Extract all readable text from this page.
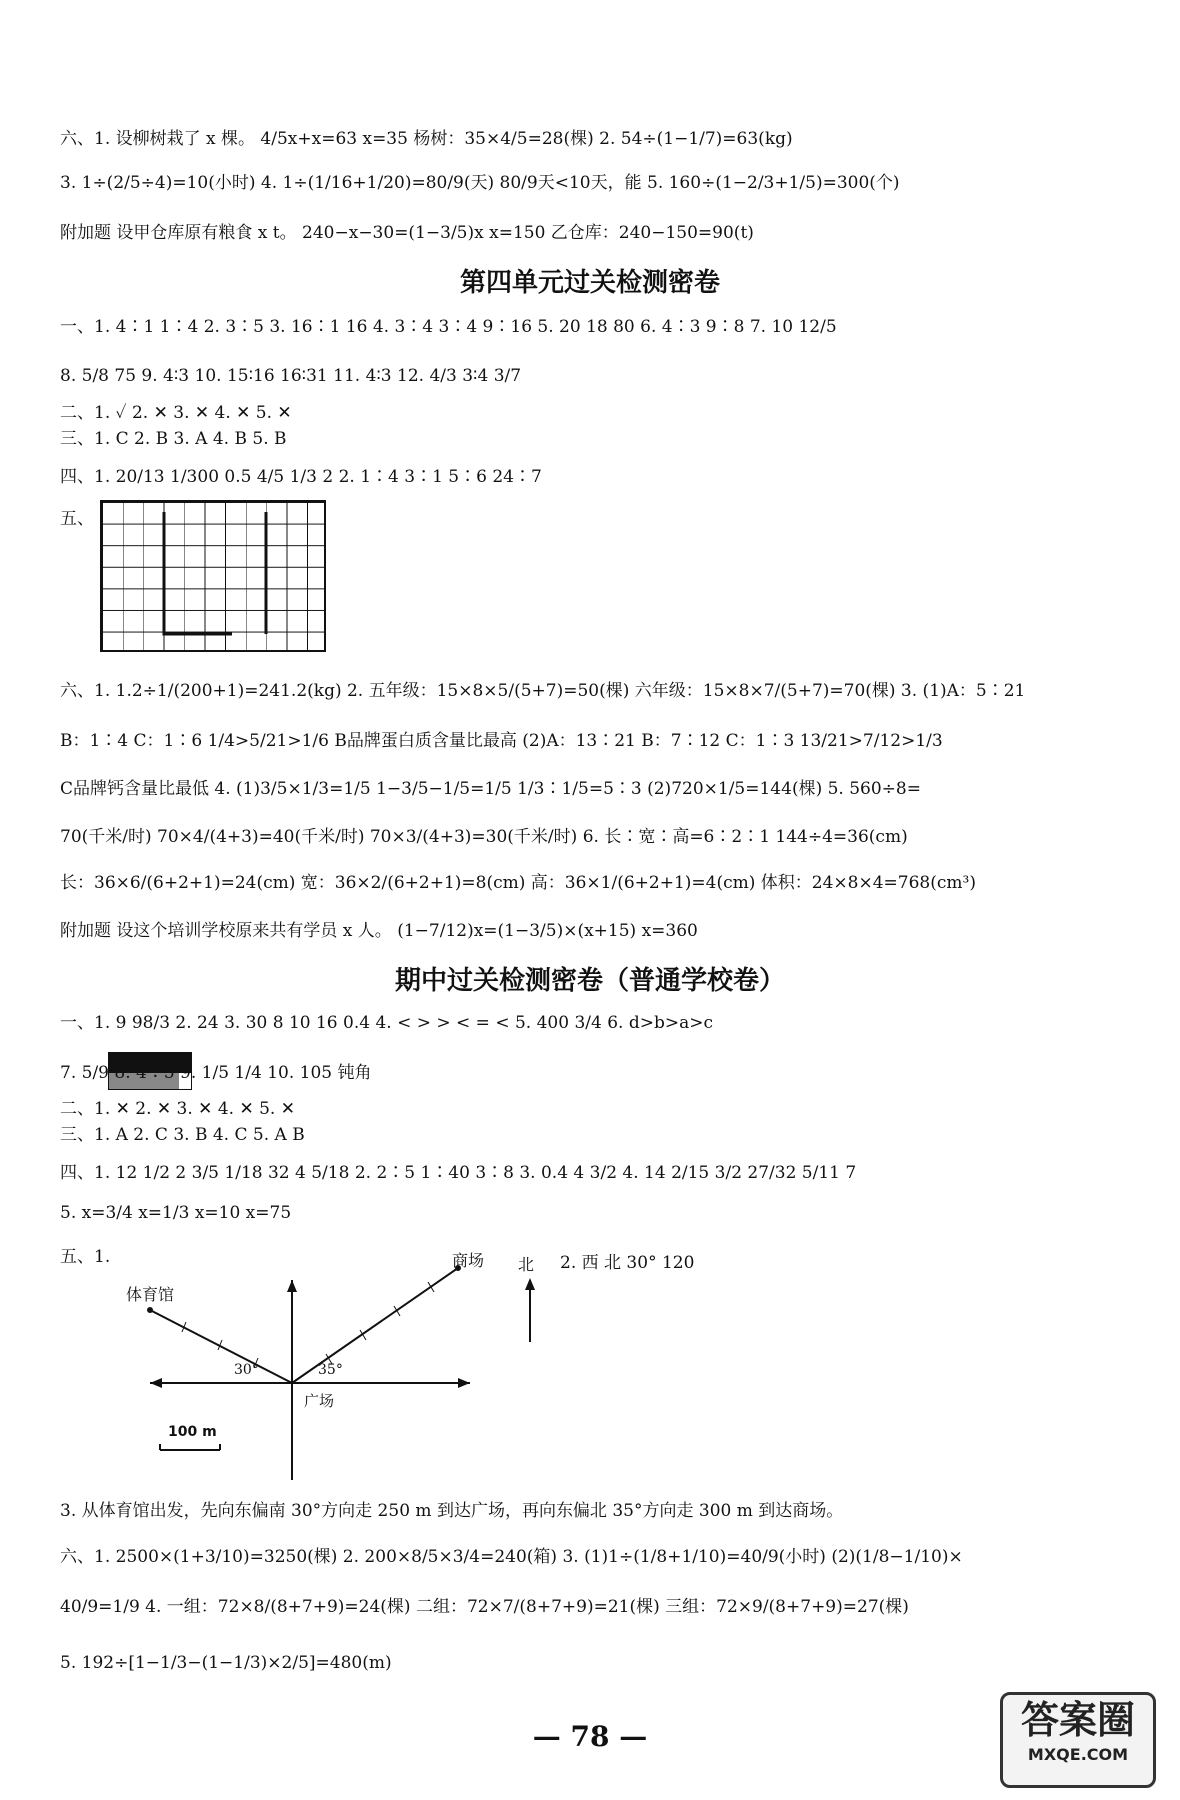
六、1. 设柳树栽了 x 棵。 4/5x+x=63 x=35 杨树：35×4/5=28(棵) 2. 54÷(1−1/7)=63(kg)
3. 1÷(2/5÷4)=10(小时) 4. 1÷(1/16+1/20)=80/9(天) 80/9天<10天，能 5. 160÷(1−2/3+1/5)=300(个)
附加题 设甲仓库原有粮食 x t。 240−x−30=(1−3/5)x x=150 乙仓库：240−150=90(t)
第四单元过关检测密卷
一、1. 4∶1 1∶4 2. 3∶5 3. 16∶1 16 4. 3∶4 3∶4 9∶16 5. 20 18 80 6. 4∶3 9∶8 7. 10 12/5
8. 5/8 75 9. 4∶3 10. 15∶16 16∶31 11. 4∶3 12. 4/3 3∶4 3/7
二、1. ✓ 2. ✕ 3. ✕ 4. ✕ 5. ✕
三、1. C 2. B 3. A 4. B 5. B
四、1. 20/13 1/300 0.5 4/5 1/3 2 2. 1∶4 3∶1 5∶6 24∶7
五、
六、1. 1.2÷1/(200+1)=241.2(kg) 2. 五年级：15×8×5/(5+7)=50(棵) 六年级：15×8×7/(5+7)=70(棵) 3. (1)A：5∶21
B：1∶4 C：1∶6 1/4>5/21>1/6 B品牌蛋白质含量比最高 (2)A：13∶21 B：7∶12 C：1∶3 13/21>7/12>1/3
C品牌钙含量比最低 4. (1)3/5×1/3=1/5 1−3/5−1/5=1/5 1/3∶1/5=5∶3 (2)720×1/5=144(棵) 5. 560÷8=
70(千米/时) 70×4/(4+3)=40(千米/时) 70×3/(4+3)=30(千米/时) 6. 长∶宽∶高=6∶2∶1 144÷4=36(cm)
长：36×6/(6+2+1)=24(cm) 宽：36×2/(6+2+1)=8(cm) 高：36×1/(6+2+1)=4(cm) 体积：24×8×4=768(cm³)
附加题 设这个培训学校原来共有学员 x 人。 (1−7/12)x=(1−3/5)×(x+15) x=360
期中过关检测密卷（普通学校卷）
一、1. 9 98/3 2. 24 3. 30 8 10 16 0.4 4. < > > < = < 5. 400 3/4 6. d>b>a>c
7. 5/9 8. 4∶5 9. 1/5 1/4 10. 105 钝角
二、1. ✕ 2. ✕ 3. ✕ 4. ✕ 5. ✕
三、1. A 2. C 3. B 4. C 5. A B
四、1. 12 1/2 2 3/5 1/18 32 4 5/18 2. 2∶5 1∶40 3∶8 3. 0.4 4 3/2 4. 14 2/15 3/2 27/32 5/11 7
5. x=3/4 x=1/3 x=10 x=75
五、1.
体育馆
商场 北
广场
30°	35°
100 m
2. 西 北 30° 120
3. 从体育馆出发，先向东偏南 30°方向走 250 m 到达广场，再向东偏北 35°方向走 300 m 到达商场。
六、1. 2500×(1+3/10)=3250(棵) 2. 200×8/5×3/4=240(箱) 3. (1)1÷(1/8+1/10)=40/9(小时) (2)(1/8−1/10)×
40/9=1/9 4. 一组：72×8/(8+7+9)=24(棵) 二组：72×7/(8+7+9)=21(棵) 三组：72×9/(8+7+9)=27(棵)
5. 192÷[1−1/3−(1−1/3)×2/5]=480(m)
— 78 —	答案圈
MXQE.COM
